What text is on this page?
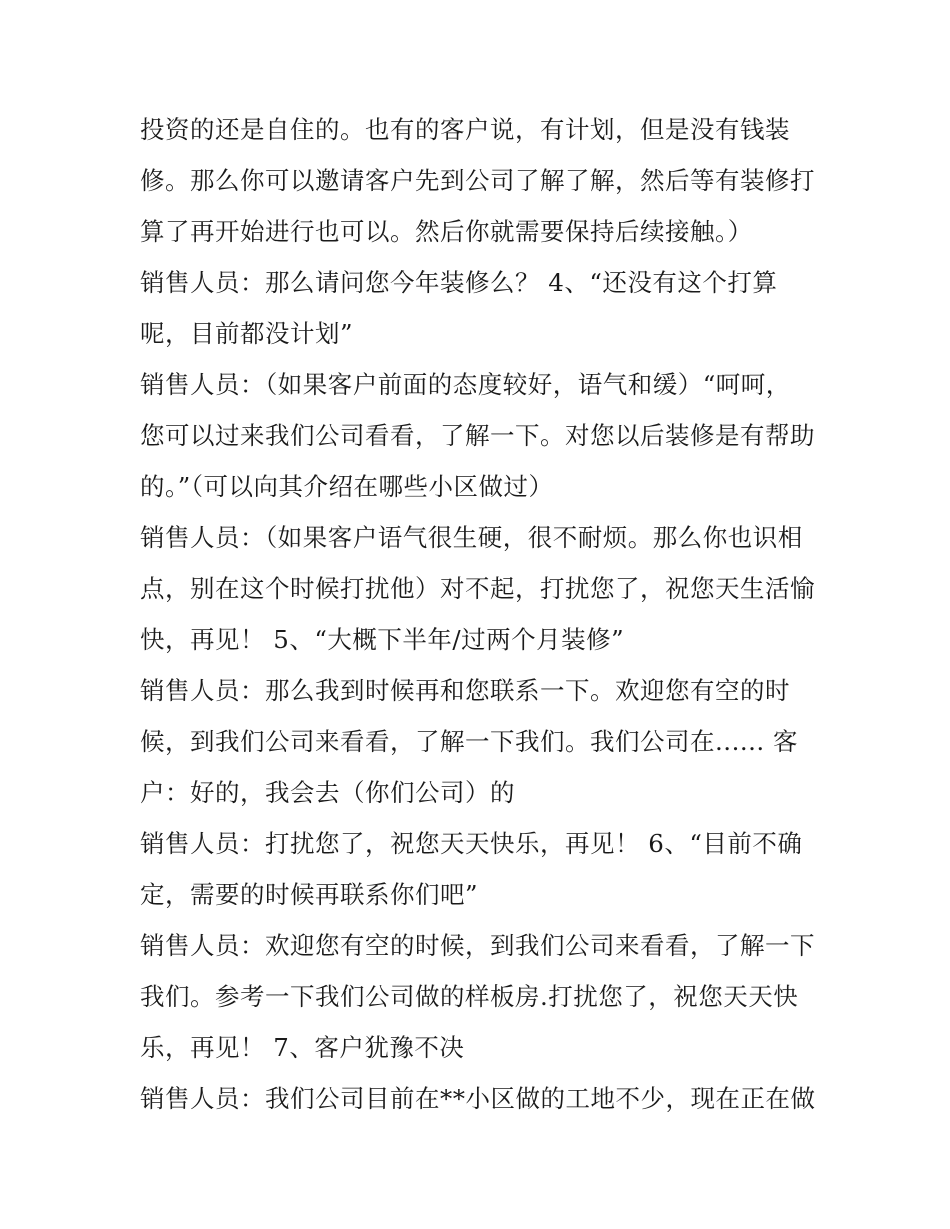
投资的还是自住的。也有的客户说，有计划，但是没有钱装
修。那么你可以邀请客户先到公司了解了解，然后等有装修打
算了再开始进行也可以。然后你就需要保持后续接触。）
销售人员：那么请问您今年装修么？ 4、“还没有这个打算
呢，目前都没计划”
销售人员：（如果客户前面的态度较好，语气和缓）“呵呵，
您可以过来我们公司看看，了解一下。对您以后装修是有帮助
的。”（可以向其介绍在哪些小区做过）
销售人员：（如果客户语气很生硬，很不耐烦。那么你也识相
点，别在这个时候打扰他）对不起，打扰您了，祝您天生活愉
快，再见！ 5、“大概下半年/过两个月装修”
销售人员：那么我到时候再和您联系一下。欢迎您有空的时
候，到我们公司来看看，了解一下我们。我们公司在...... 客
户：好的，我会去（你们公司）的
销售人员：打扰您了，祝您天天快乐，再见！ 6、“目前不确
定，需要的时候再联系你们吧”
销售人员：欢迎您有空的时候，到我们公司来看看，了解一下
我们。参考一下我们公司做的样板房.打扰您了，祝您天天快
乐，再见！ 7、客户犹豫不决
销售人员：我们公司目前在**小区做的工地不少，现在正在做
